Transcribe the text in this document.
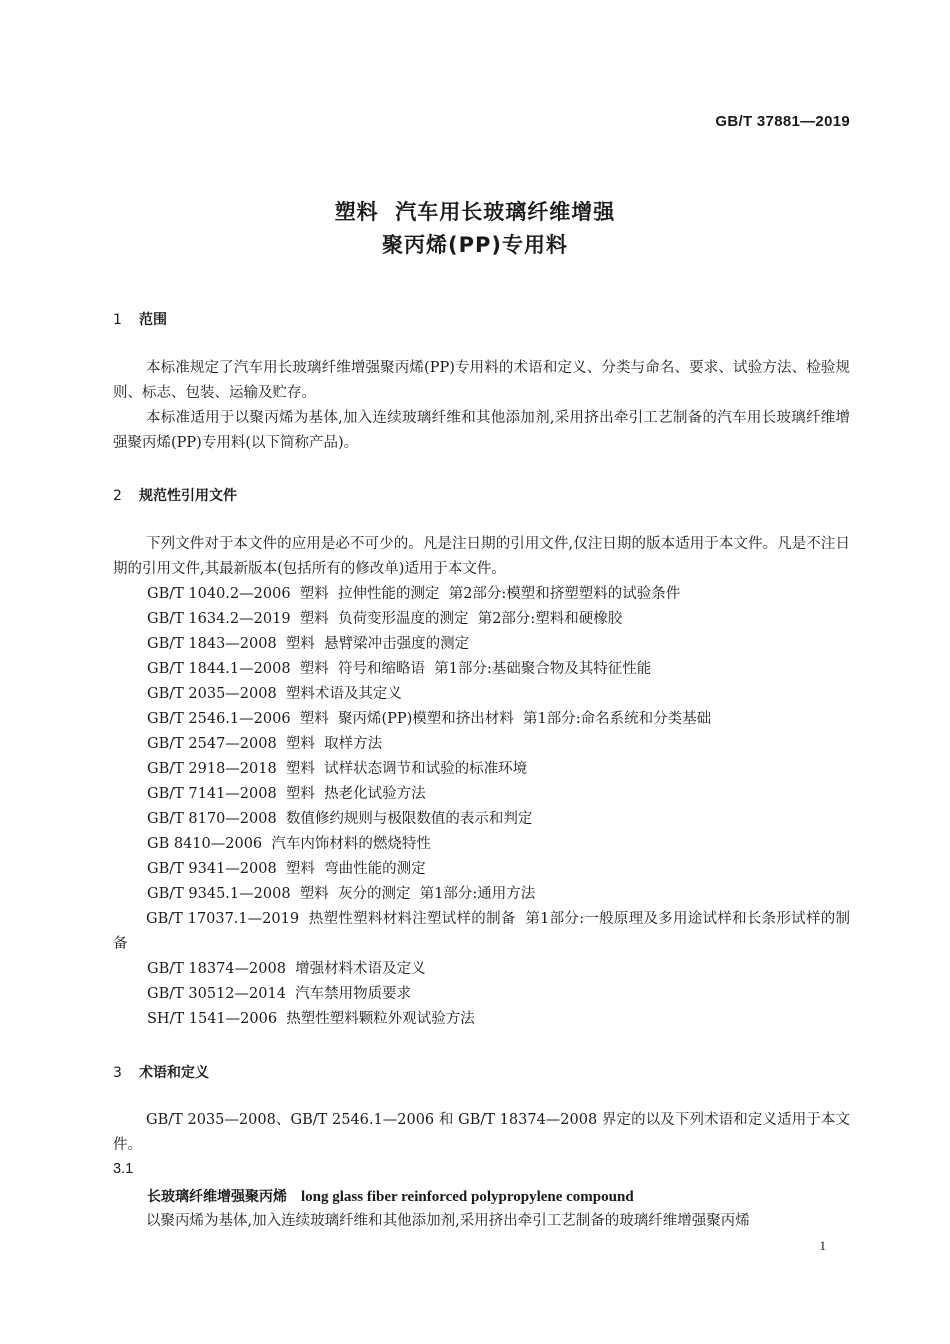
GB/T 37881—2019
塑料  汽车用长玻璃纤维增强
聚丙烯(PP)专用料
1 范围
本标准规定了汽车用长玻璃纤维增强聚丙烯(PP)专用料的术语和定义、分类与命名、要求、试验方法、检验规则、标志、包装、运输及贮存。
本标准适用于以聚丙烯为基体,加入连续玻璃纤维和其他添加剂,采用挤出牵引工艺制备的汽车用长玻璃纤维增强聚丙烯(PP)专用料(以下简称产品)。
2 规范性引用文件
下列文件对于本文件的应用是必不可少的。凡是注日期的引用文件,仅注日期的版本适用于本文件。凡是不注日期的引用文件,其最新版本(包括所有的修改单)适用于本文件。
GB/T 1040.2—2006  塑料  拉伸性能的测定  第2部分:模塑和挤塑塑料的试验条件
GB/T 1634.2—2019  塑料  负荷变形温度的测定  第2部分:塑料和硬橡胶
GB/T 1843—2008  塑料  悬臂梁冲击强度的测定
GB/T 1844.1—2008  塑料  符号和缩略语  第1部分:基础聚合物及其特征性能
GB/T 2035—2008  塑料术语及其定义
GB/T 2546.1—2006  塑料  聚丙烯(PP)模塑和挤出材料  第1部分:命名系统和分类基础
GB/T 2547—2008  塑料  取样方法
GB/T 2918—2018  塑料  试样状态调节和试验的标准环境
GB/T 7141—2008  塑料  热老化试验方法
GB/T 8170—2008  数值修约规则与极限数值的表示和判定
GB 8410—2006  汽车内饰材料的燃烧特性
GB/T 9341—2008  塑料  弯曲性能的测定
GB/T 9345.1—2008  塑料  灰分的测定  第1部分:通用方法
GB/T 17037.1—2019  热塑性塑料材料注塑试样的制备  第1部分:一般原理及多用途试样和长条形试样的制备
GB/T 18374—2008  增强材料术语及定义
GB/T 30512—2014  汽车禁用物质要求
SH/T 1541—2006  热塑性塑料颗粒外观试验方法
3 术语和定义
GB/T 2035—2008、GB/T 2546.1—2006 和 GB/T 18374—2008 界定的以及下列术语和定义适用于本文件。
3.1
长玻璃纤维增强聚丙烯 long glass fiber reinforced polypropylene compound
以聚丙烯为基体,加入连续玻璃纤维和其他添加剂,采用挤出牵引工艺制备的玻璃纤维增强聚丙烯
1
